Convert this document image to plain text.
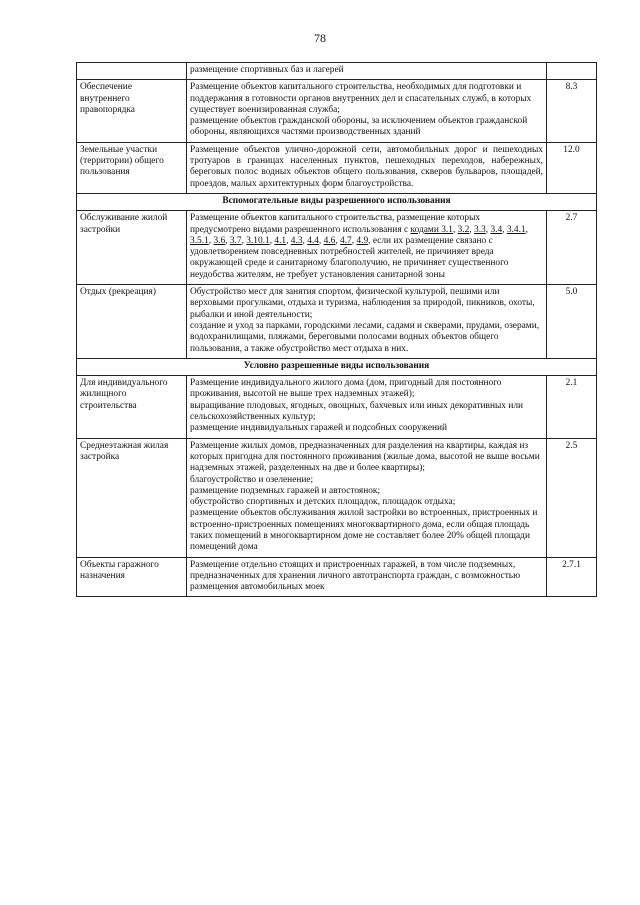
78

	размещение спортивных баз и лагерей	

Обеспечение внутреннего правопорядка	Размещение объектов капитального строительства, необходимых для подготовки и поддержания в готовности органов внутренних дел и спасательных служб, в которых существует военизированная служба;
размещение объектов гражданской обороны, за исключением объектов гражданской обороны, являющихся частями производственных зданий	8.3
Земельные участки (территории) общего пользования	Размещение объектов улично-дорожной сети, автомобильных дорог и пешеходных тротуаров в границах населенных пунктов, пешеходных переходов, набережных, береговых полос водных объектов общего пользования, скверов бульваров, площадей, проездов, малых архитектурных форм благоустройства.	12.0
Вспомогательные виды разрешенного использования		
Обслуживание жилой застройки	Размещение объектов капитального строительства, размещение которых предусмотрено видами разрешенного использования с кодами 3.1, 3.2, 3.3, 3.4, 3.4.1, 3.5.1, 3.6, 3.7, 3.10.1, 4.1, 4.3, 4.4, 4.6, 4.7, 4.9, если их размещение связано с удовлетворением повседневных потребностей жителей, не причиняет вреда окружающей среде и санитарному благополучию, не причиняет существенного неудобства жителям, не требует установления санитарной зоны	2.7
Отдых (рекреация)	Обустройство мест для занятия спортом, физической культурой, пешими или верховыми прогулками, отдыха и туризма, наблюдения за природой, пикников, охоты, рыбалки и иной деятельности;
создание и уход за парками, городскими лесами, садами и скверами, прудами, озерами, водохранилищами, пляжами, береговыми полосами водных объектов общего пользования, а также обустройство мест отдыха в них.	5.0
Условно разрешенные виды использования		
Для индивидуального жилищного строительства	Размещение индивидуального жилого дома (дом, пригодный для постоянного проживания, высотой не выше трех надземных этажей);
выращивание плодовых, ягодных, овощных, бахчевых или иных декоративных или сельскохозяйственных культур;
размещение индивидуальных гаражей и подсобных сооружений	2.1
Среднеэтажная жилая застройка	Размещение жилых домов, предназначенных для разделения на квартиры, каждая из которых пригодна для постоянного проживания (жилые дома, высотой не выше восьми надземных этажей, разделенных на две и более квартиры);
благоустройство и озеленение;
размещение подземных гаражей и автостоянок;
обустройство спортивных и детских площадок, площадок отдыха;
размещение объектов обслуживания жилой застройки во встроенных, пристроенных и встроенно-пристроенных помещениях многоквартирного дома, если общая площадь таких помещений в многоквартирном доме не составляет более 20% общей площади помещений дома	2.5
Объекты гаражного назначения	Размещение отдельно стоящих и пристроенных гаражей, в том числе подземных, предназначенных для хранения личного автотранспорта граждан, с возможностью размещения автомобильных моек	2.7.1
